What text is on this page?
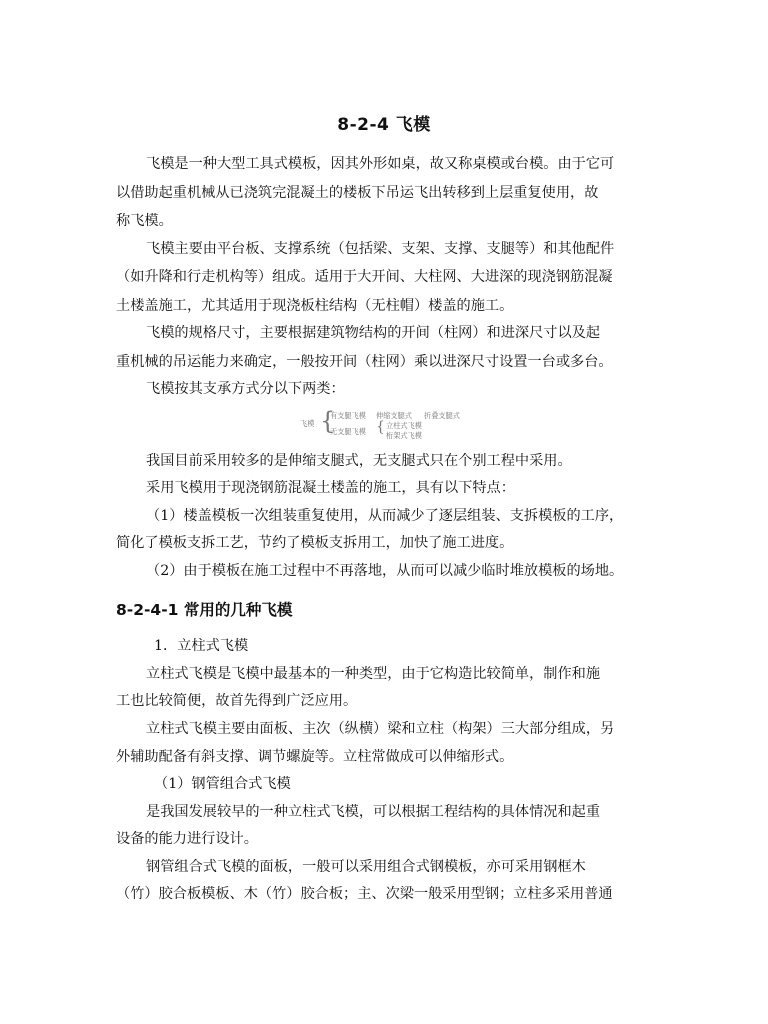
8-2-4 飞模
飞模是一种大型工具式模板，因其外形如桌，故又称桌模或台模。由于它可
以借助起重机械从已浇筑完混凝土的楼板下吊运飞出转移到上层重复使用，故
称飞模。
飞模主要由平台板、支撑系统（包括梁、支架、支撑、支腿等）和其他配件
（如升降和行走机构等）组成。适用于大开间、大柱网、大进深的现浇钢筋混凝
土楼盖施工，尤其适用于现浇板柱结构（无柱帽）楼盖的施工。
飞模的规格尺寸，主要根据建筑物结构的开间（柱网）和进深尺寸以及起
重机械的吊运能力来确定，一般按开间（柱网）乘以进深尺寸设置一台或多台。
飞模按其支承方式分以下两类：
飞模 {
有支腿飞模 伸缩支腿式 折叠支腿式
无支腿飞模 { 立柱式飞模
桁架式飞模
我国目前采用较多的是伸缩支腿式，无支腿式只在个别工程中采用。
采用飞模用于现浇钢筋混凝土楼盖的施工，具有以下特点：
（1）楼盖模板一次组装重复使用，从而减少了逐层组装、支拆模板的工序，
简化了模板支拆工艺，节约了模板支拆用工，加快了施工进度。
（2）由于模板在施工过程中不再落地，从而可以减少临时堆放模板的场地。
8-2-4-1 常用的几种飞模
1．立柱式飞模
立柱式飞模是飞模中最基本的一种类型，由于它构造比较简单，制作和施
工也比较简便，故首先得到广泛应用。
立柱式飞模主要由面板、主次（纵横）梁和立柱（构架）三大部分组成，另
外辅助配备有斜支撑、调节螺旋等。立柱常做成可以伸缩形式。
（1）钢管组合式飞模
是我国发展较早的一种立柱式飞模，可以根据工程结构的具体情况和起重
设备的能力进行设计。
钢管组合式飞模的面板，一般可以采用组合式钢模板，亦可采用钢框木
（竹）胶合板模板、木（竹）胶合板；主、次梁一般采用型钢；立柱多采用普通
